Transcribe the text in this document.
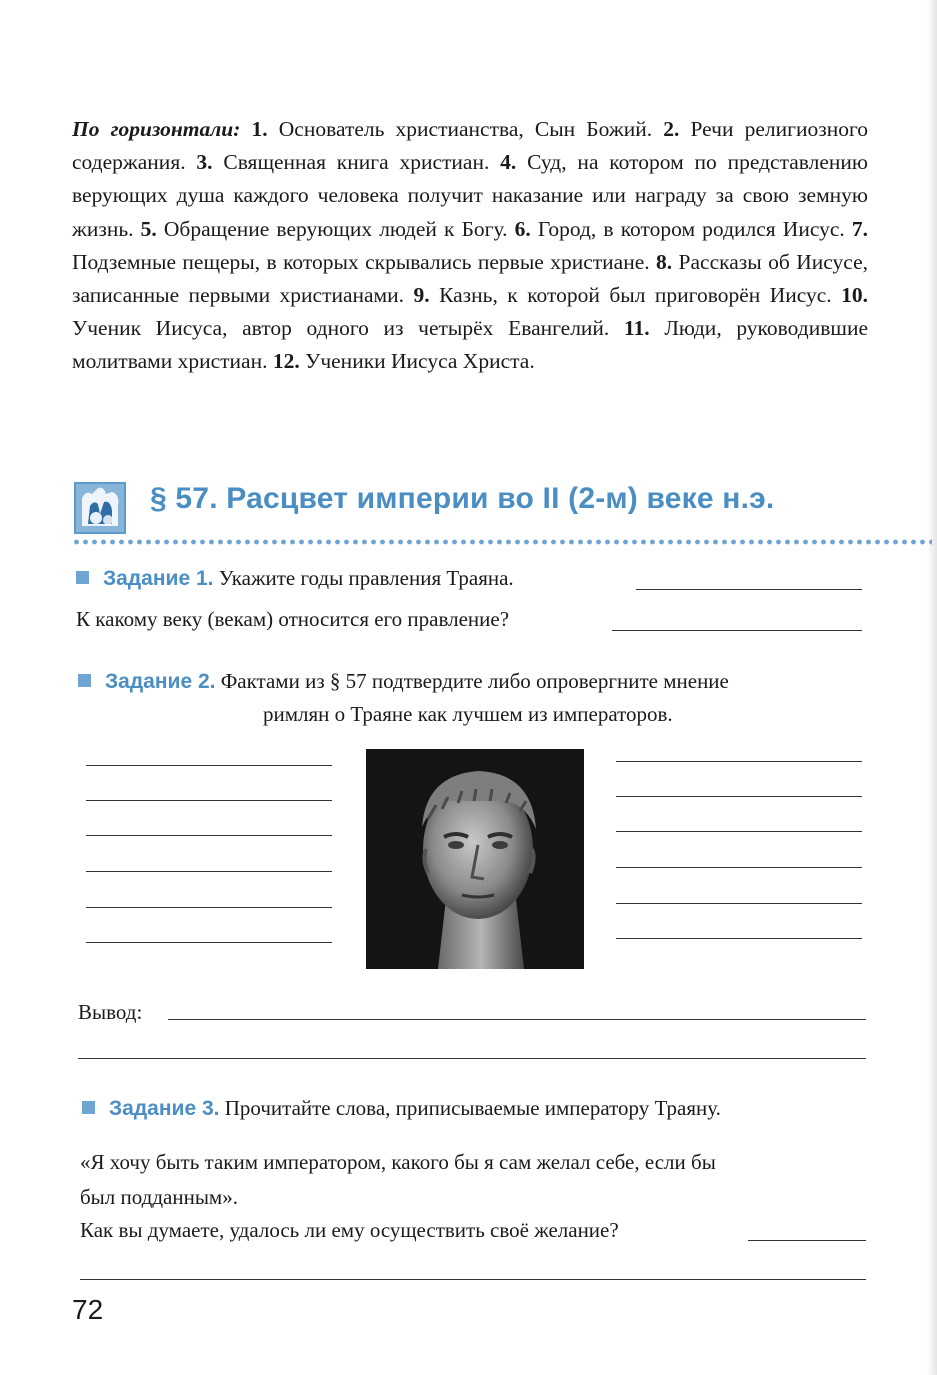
По горизонтали: 1. Основатель христианства, Сын Божий. 2. Речи религиозного содержания. 3. Священная книга христиан. 4. Суд, на котором по представлению верующих душа каждого человека получит наказание или награду за свою земную жизнь. 5. Обращение верующих людей к Богу. 6. Город, в котором родился Иисус. 7. Подземные пещеры, в которых скрывались первые христиане. 8. Рассказы об Иисусе, записанные первыми христианами. 9. Казнь, к которой был приговорён Иисус. 10. Ученик Иисуса, автор одного из четырёх Евангелий. 11. Люди, руководившие молитвами христиан. 12. Ученики Иисуса Христа.
§ 57. Расцвет империи во II (2-м) веке н.э.
Задание 1. Укажите годы правления Траяна.
К какому веку (векам) относится его правление?
Задание 2. Фактами из § 57 подтвердите либо опровергните мнение
римлян о Траяне как лучшем из императоров.
Вывод:
Задание 3. Прочитайте слова, приписываемые императору Траяну.
«Я хочу быть таким императором, какого бы я сам желал себе, если бы
был подданным».
Как вы думаете, удалось ли ему осуществить своё желание?
72
